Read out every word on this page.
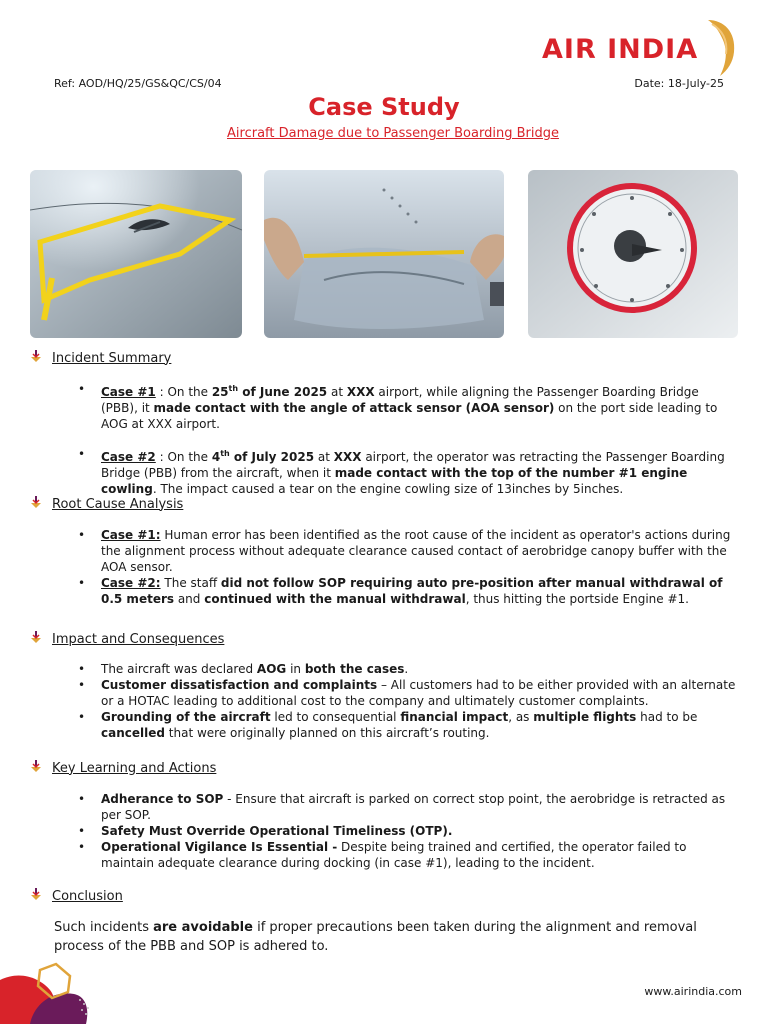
AIR INDIA
Ref: AOD/HQ/25/GS&QC/CS/04	Date: 18-July-25
Case Study
Aircraft Damage due to Passenger Boarding Bridge
Incident Summary
• Case #1 : On the 25th of June 2025 at XXX airport, while aligning the Passenger Boarding Bridge (PBB), it made contact with the angle of attack sensor (AOA sensor) on the port side leading to AOG at XXX airport.
• Case #2 : On the 4th of July 2025 at XXX airport, the operator was retracting the Passenger Boarding Bridge (PBB) from the aircraft, when it made contact with the top of the number #1 engine cowling. The impact caused a tear on the engine cowling size of 13inches by 5inches.
Root Cause Analysis
• Case #1: Human error has been identified as the root cause of the incident as operator's actions during the alignment process without adequate clearance caused contact of aerobridge canopy buffer with the AOA sensor.
• Case #2: The staff did not follow SOP requiring auto pre-position after manual withdrawal of 0.5 meters and continued with the manual withdrawal, thus hitting the portside Engine #1.
Impact and Consequences
• The aircraft was declared AOG in both the cases.
• Customer dissatisfaction and complaints – All customers had to be either provided with an alternate or a HOTAC leading to additional cost to the company and ultimately customer complaints.
• Grounding of the aircraft led to consequential financial impact, as multiple flights had to be cancelled that were originally planned on this aircraft’s routing.
Key Learning and Actions
• Adherance to SOP - Ensure that aircraft is parked on correct stop point, the aerobridge is retracted as per SOP.
• Safety Must Override Operational Timeliness (OTP).
• Operational Vigilance Is Essential - Despite being trained and certified, the operator failed to maintain adequate clearance during docking (in case #1), leading to the incident.
Conclusion
Such incidents are avoidable if proper precautions been taken during the alignment and removal process of the PBB and SOP is adhered to.
www.airindia.com
